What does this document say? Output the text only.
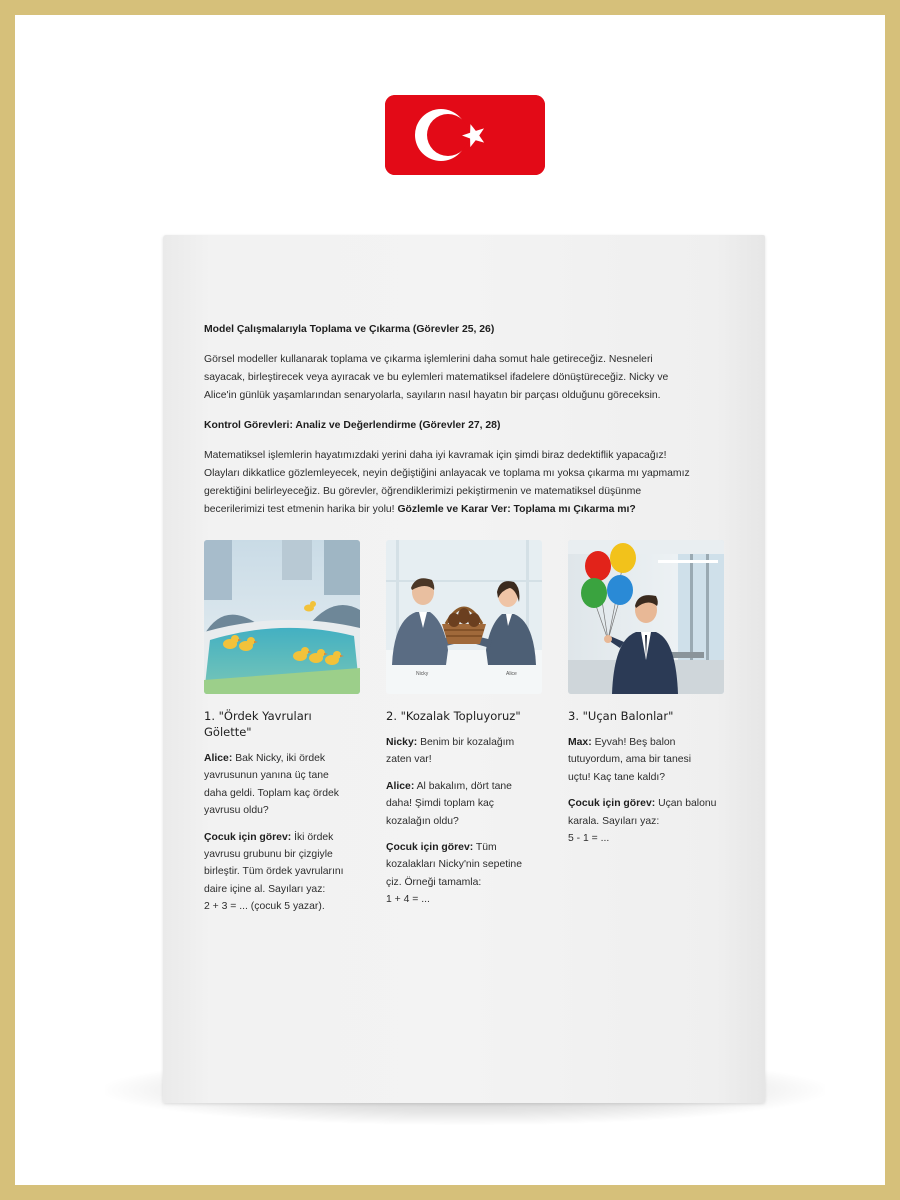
Model Çalışmalarıyla Toplama ve Çıkarma (Görevler 25, 26)
Görsel modeller kullanarak toplama ve çıkarma işlemlerini daha somut hale getireceğiz. Nesneleri
sayacak, birleştirecek veya ayıracak ve bu eylemleri matematiksel ifadelere dönüştüreceğiz. Nicky ve
Alice'in günlük yaşamlarından senaryolarla, sayıların nasıl hayatın bir parçası olduğunu göreceksin.
Kontrol Görevleri: Analiz ve Değerlendirme (Görevler 27, 28)
Matematiksel işlemlerin hayatımızdaki yerini daha iyi kavramak için şimdi biraz dedektiflik yapacağız!
Olayları dikkatlice gözlemleyecek, neyin değiştiğini anlayacak ve toplama mı yoksa çıkarma mı yapmamız
gerektiğini belirleyeceğiz. Bu görevler, öğrendiklerimizi pekiştirmenin ve matematiksel düşünme
becerilerimizi test etmenin harika bir yolu! Gözlemle ve Karar Ver: Toplama mı Çıkarma mı?
1. "Ördek Yavruları Gölette"
Alice: Bak Nicky, iki ördek
yavrusunun yanına üç tane
daha geldi. Toplam kaç ördek
yavrusu oldu?
Çocuk için görev: İki ördek
yavrusu grubunu bir çizgiyle
birleştir. Tüm ördek yavrularını
daire içine al. Sayıları yaz:
2 + 3 = ... (çocuk 5 yazar).
Nicky	Alice
2. "Kozalak Topluyoruz"
Nicky: Benim bir kozalağım
zaten var!
Alice: Al bakalım, dört tane
daha! Şimdi toplam kaç
kozalağın oldu?
Çocuk için görev: Tüm
kozalakları Nicky'nin sepetine
çiz. Örneği tamamla:
1 + 4 = ...
3. "Uçan Balonlar"
Max: Eyvah! Beş balon
tutuyordum, ama bir tanesi
uçtu! Kaç tane kaldı?
Çocuk için görev: Uçan balonu
karala. Sayıları yaz:
5 - 1 = ...
